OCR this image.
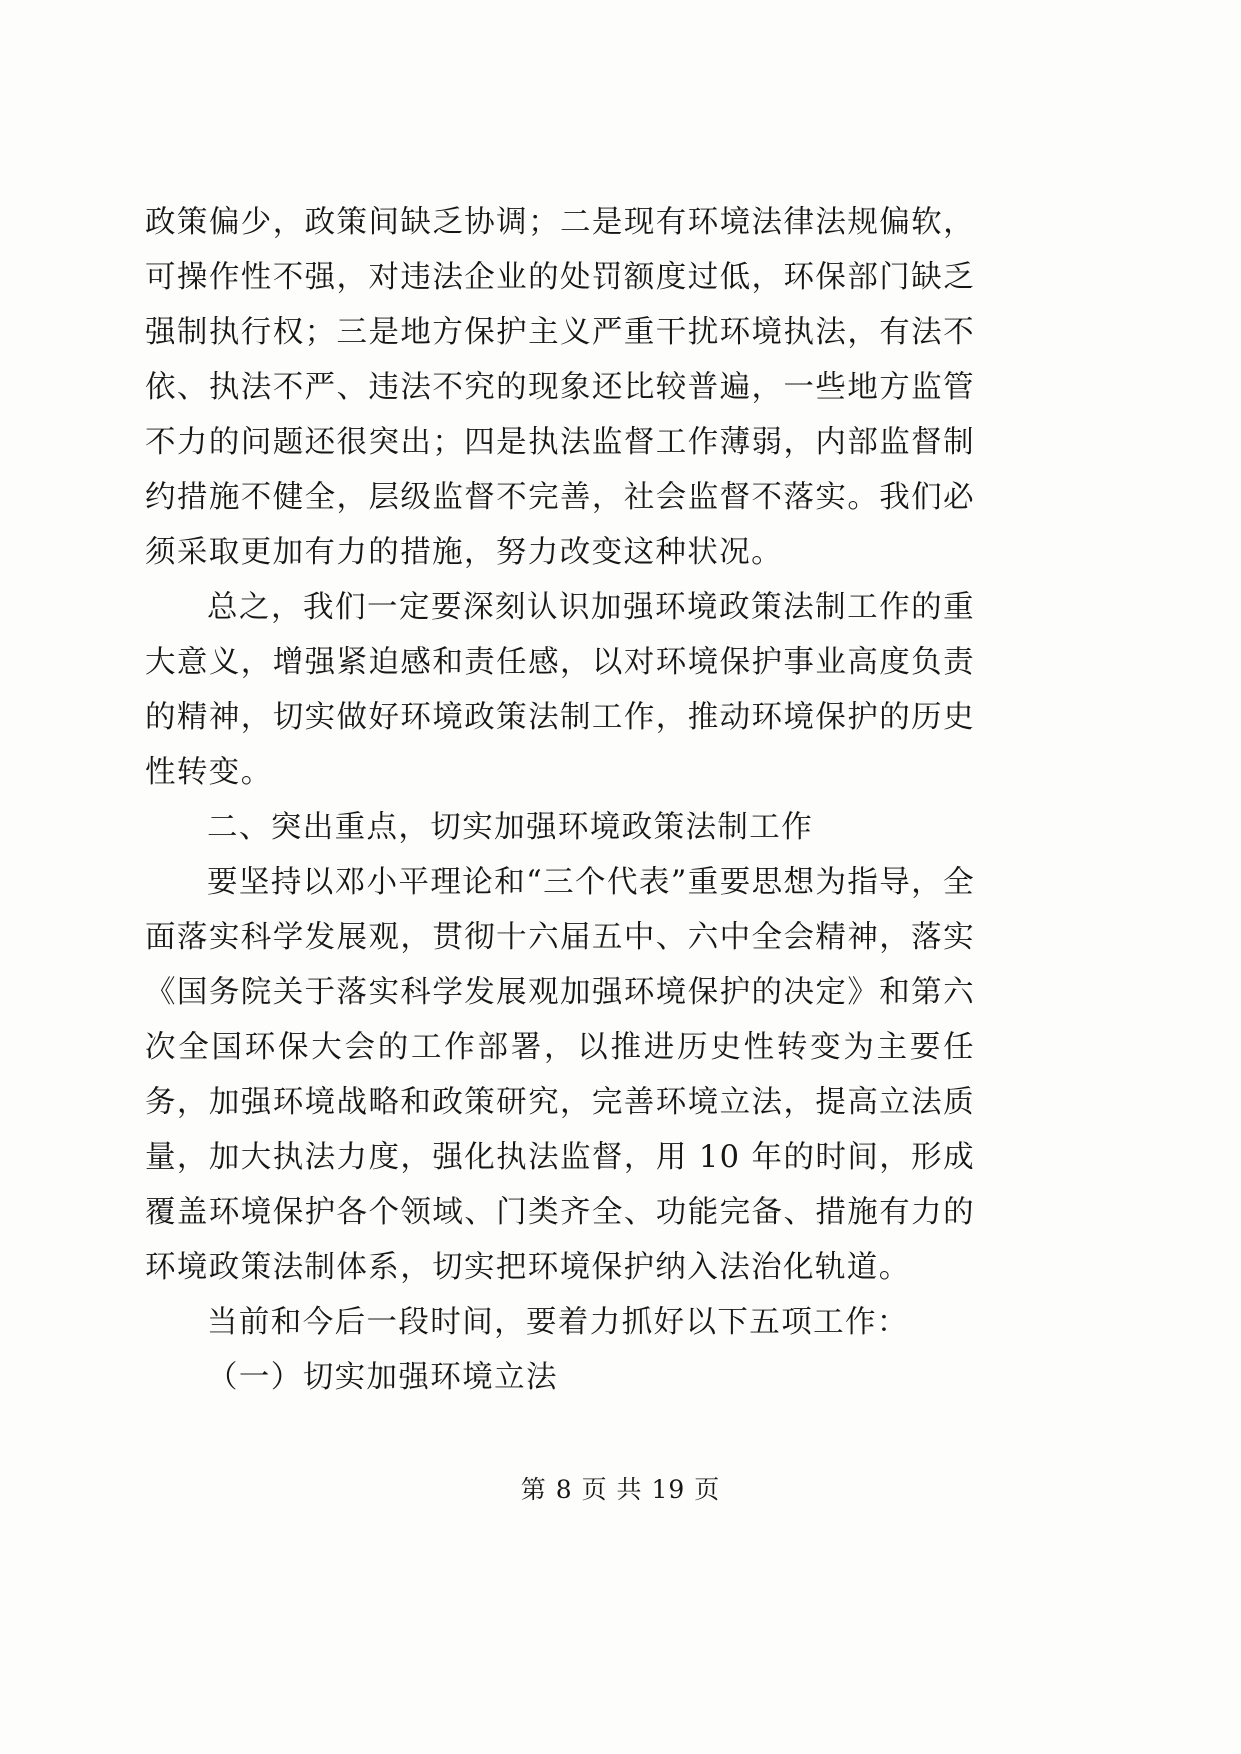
政策偏少，政策间缺乏协调；二是现有环境法律法规偏软，可操作性不强，对违法企业的处罚额度过低，环保部门缺乏强制执行权；三是地方保护主义严重干扰环境执法，有法不依、执法不严、违法不究的现象还比较普遍，一些地方监管不力的问题还很突出；四是执法监督工作薄弱，内部监督制约措施不健全，层级监督不完善，社会监督不落实。我们必须采取更加有力的措施，努力改变这种状况。

总之，我们一定要深刻认识加强环境政策法制工作的重大意义，增强紧迫感和责任感，以对环境保护事业高度负责的精神，切实做好环境政策法制工作，推动环境保护的历史性转变。

二、突出重点，切实加强环境政策法制工作

要坚持以邓小平理论和“三个代表”重要思想为指导，全面落实科学发展观，贯彻十六届五中、六中全会精神，落实《国务院关于落实科学发展观加强环境保护的决定》和第六次全国环保大会的工作部署，以推进历史性转变为主要任务，加强环境战略和政策研究，完善环境立法，提高立法质量，加大执法力度，强化执法监督，用 10 年的时间，形成覆盖环境保护各个领域、门类齐全、功能完备、措施有力的环境政策法制体系，切实把环境保护纳入法治化轨道。

当前和今后一段时间，要着力抓好以下五项工作：

（一）切实加强环境立法

第 8 页 共 19 页
